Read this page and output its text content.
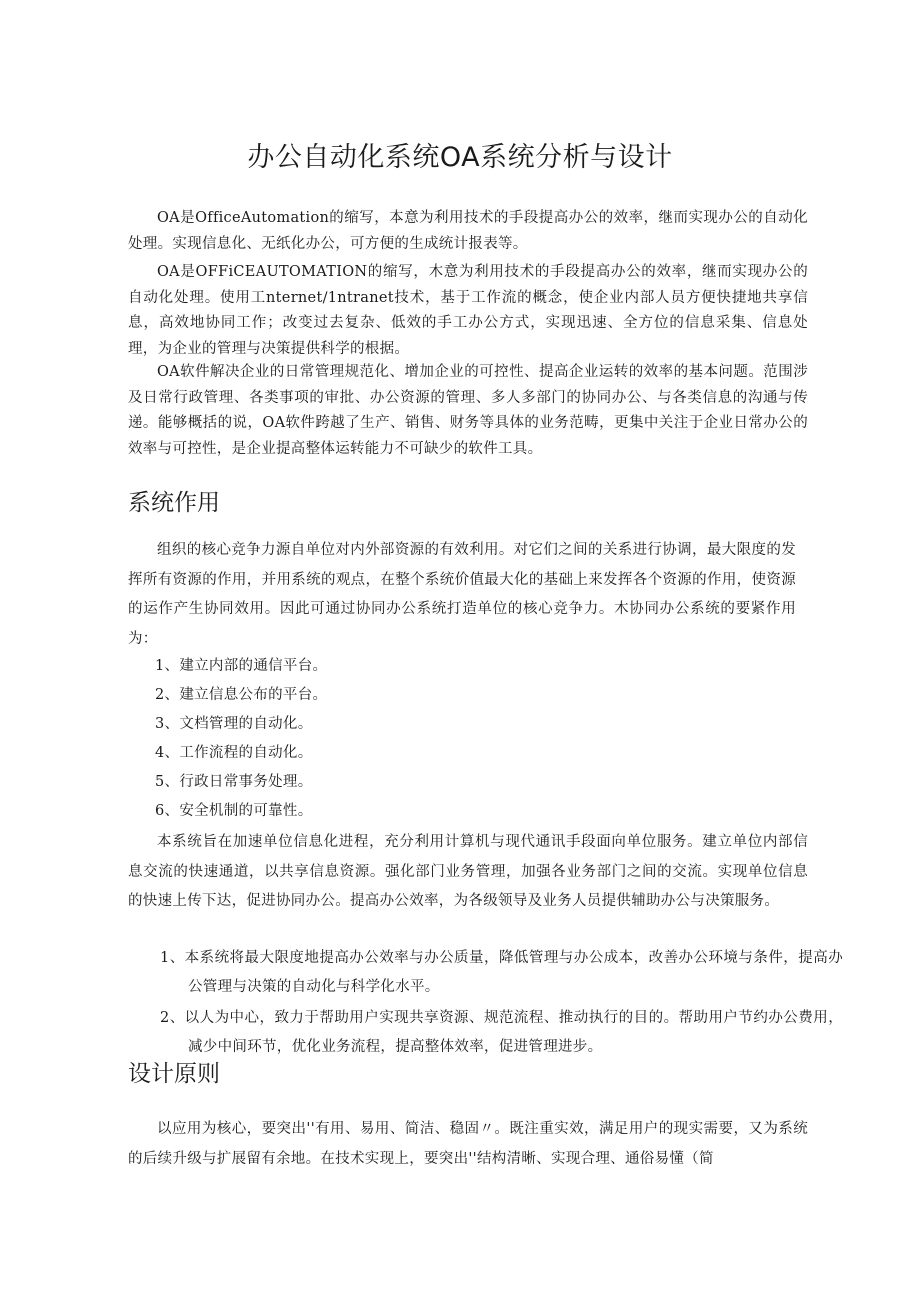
办公自动化系统OA系统分析与设计

OA是OfficeAutomation的缩写，本意为利用技术的手段提高办公的效率，继而实现办公的自动化处理。实现信息化、无纸化办公，可方便的生成统计报表等。

OA是OFFiCEAUTOMATION的缩写，木意为利用技术的手段提高办公的效率，继而实现办公的自动化处理。使用工nternet∕1ntranet技术，基于工作流的概念，使企业内部人员方便快捷地共享信息，高效地协同工作；改变过去复杂、低效的手工办公方式，实现迅速、全方位的信息采集、信息处理，为企业的管理与决策提供科学的根据。

OA软件解决企业的日常管理规范化、增加企业的可控性、提高企业运转的效率的基本问题。范围涉及日常行政管理、各类事项的审批、办公资源的管理、多人多部门的协同办公、与各类信息的沟通与传递。能够概括的说，OA软件跨越了生产、销售、财务等具体的业务范畴，更集中关注于企业日常办公的效率与可控性，是企业提高整体运转能力不可缺少的软件工具。

系统作用

组织的核心竞争力源自单位对内外部资源的有效利用。对它们之间的关系进行协调，最大限度的发挥所有资源的作用，并用系统的观点，在整个系统价值最大化的基础上来发挥各个资源的作用，使资源的运作产生协同效用。因此可通过协同办公系统打造单位的核心竞争力。木协同办公系统的要紧作用为：

1、建立内部的通信平台。

2、建立信息公布的平台。

3、文档管理的自动化。

4、工作流程的自动化。

5、行政日常事务处理。

6、安全机制的可靠性。

本系统旨在加速单位信息化进程，充分利用计算机与现代通讯手段面向单位服务。建立单位内部信息交流的快速通道，以共享信息资源。强化部门业务管理，加强各业务部门之间的交流。实现单位信息的快速上传下达，促进协同办公。提高办公效率，为各级领导及业务人员提供辅助办公与决策服务。

1、本系统将最大限度地提高办公效率与办公质量，降低管理与办公成本，改善办公环境与条件，提高办公管理与决策的自动化与科学化水平。

2、以人为中心，致力于帮助用户实现共享资源、规范流程、推动执行的目的。帮助用户节约办公费用，减少中间环节，优化业务流程，提高整体效率，促进管理进步。

设计原则

以应用为核心，要突出''有用、易用、简洁、稳固〃。既注重实效，满足用户的现实需要，又为系统的后续升级与扩展留有余地。在技术实现上，要突出''结构清晰、实现合理、通俗易懂（简
